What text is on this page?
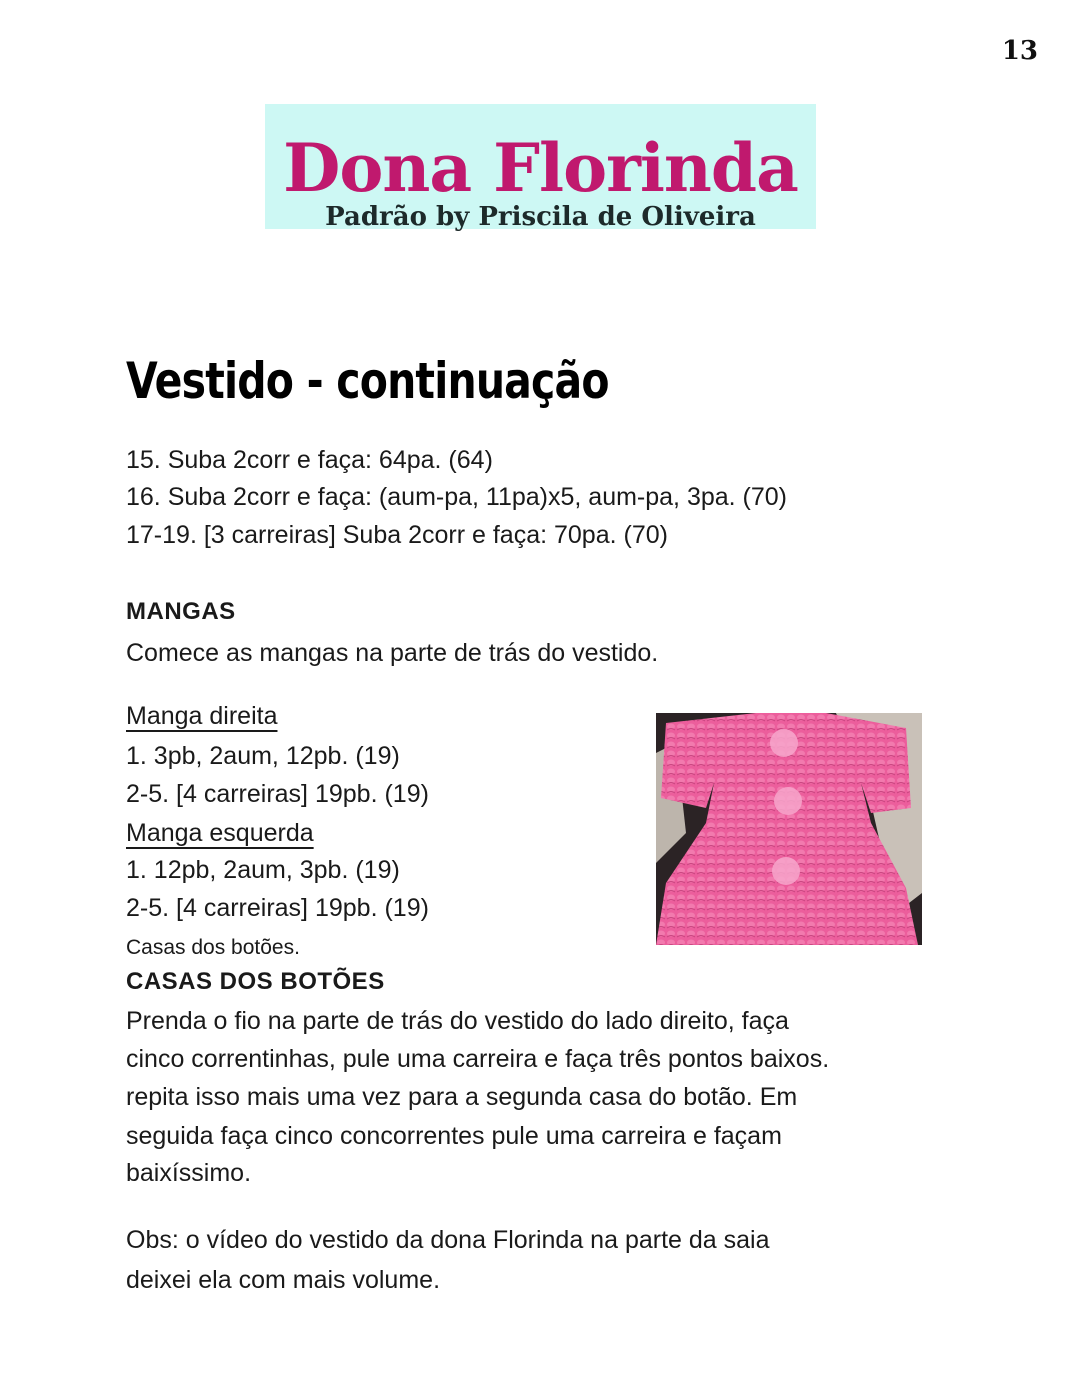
13
Dona Florinda
Padrão by Priscila de Oliveira
Vestido - continuação
15. Suba 2corr e faça: 64pa. (64)
16. Suba 2corr e faça: (aum-pa, 11pa)x5, aum-pa, 3pa. (70)
17-19. [3 carreiras] Suba 2corr e faça: 70pa. (70)
MANGAS
Comece as mangas na parte de trás do vestido.
Manga direita
1. 3pb, 2aum, 12pb. (19)
2-5. [4 carreiras] 19pb. (19)
Manga esquerda
1. 12pb, 2aum, 3pb. (19)
2-5. [4 carreiras] 19pb. (19)
Casas dos botões.
CASAS DOS BOTÕES
Prenda o fio na parte de trás do vestido do lado direito, faça
cinco correntinhas, pule uma carreira e faça três pontos baixos.
repita isso mais uma vez para a segunda casa do botão. Em
seguida faça cinco concorrentes pule uma carreira e façam
baixíssimo.
Obs: o vídeo do vestido da dona Florinda na parte da saia
deixei ela com mais volume.
